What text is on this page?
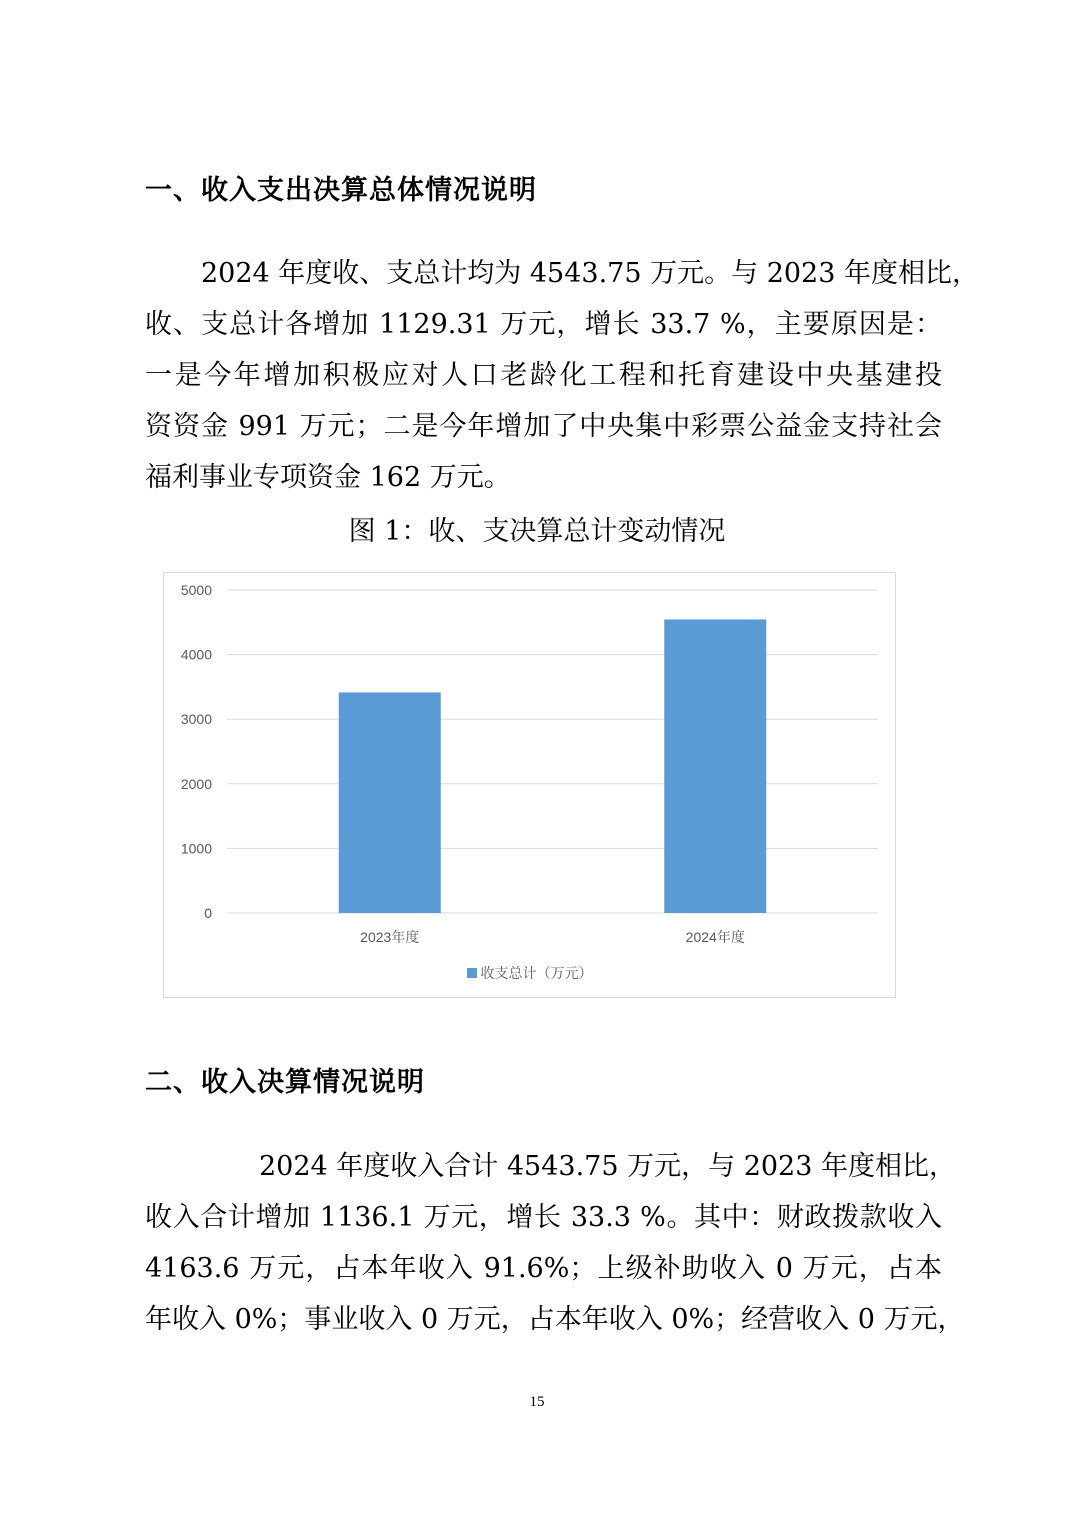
一、收入支出决算总体情况说明

2024 年度收、支总计均为 4543.75 万元。与 2023 年度相比，
收、支总计各增加 1129.31 万元，增长 33.7 %，主要原因是：
一是今年增加积极应对人口老龄化工程和托育建设中央基建投
资资金 991 万元；二是今年增加了中央集中彩票公益金支持社会
福利事业专项资金 162 万元。

图 1：收、支决算总计变动情况

0
1000
2000
3000
4000
5000
2023年度	2024年度
收支总计（万元）
二、收入决算情况说明

2024 年度收入合计 4543.75 万元，与 2023 年度相比，
收入合计增加 1136.1 万元，增长 33.3 %。其中：财政拨款收入
4163.6 万元，占本年收入 91.6%；上级补助收入 0 万元，占本
年收入 0%；事业收入 0 万元，占本年收入 0%；经营收入 0 万元，

15
